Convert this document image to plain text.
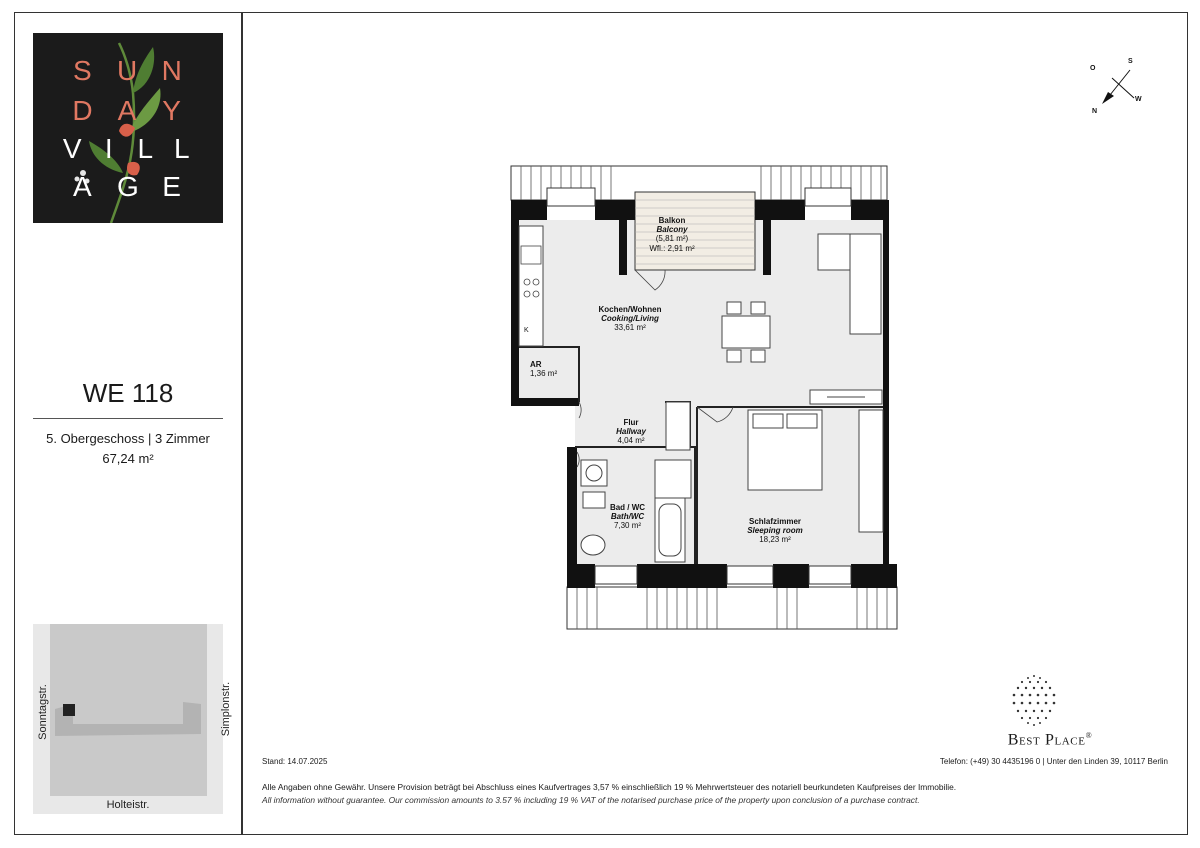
S U N
D A Y
V I L L
A G E
WE 118
5. Obergeschoss | 3 Zimmer
67,24 m²
Sonntagstr.	Simplonstr.
Holteistr.
O
S
N
W
K
Balkon
Balcony
(5,81 m²)
Wfl.: 2,91 m²
Kochen/Wohnen
Cooking/Living
33,61 m²
AR
1,36 m²
Flur
Hallway
4,04 m²
Bad / WC
Bath/WC
7,30 m²	Schlafzimmer
Sleeping room
18,23 m²
Best Place®
Stand: 14.07.2025	Telefon: (+49) 30 4435196 0 | Unter den Linden 39, 10117 Berlin
Alle Angaben ohne Gewähr. Unsere Provision beträgt bei Abschluss eines Kaufvertrages 3,57 % einschließlich 19 % Mehrwertsteuer des notariell beurkundeten Kaufpreises der Immobilie.
All information without guarantee. Our commission amounts to 3.57 % including 19 % VAT of the notarised purchase price of the property upon conclusion of a purchase contract.
